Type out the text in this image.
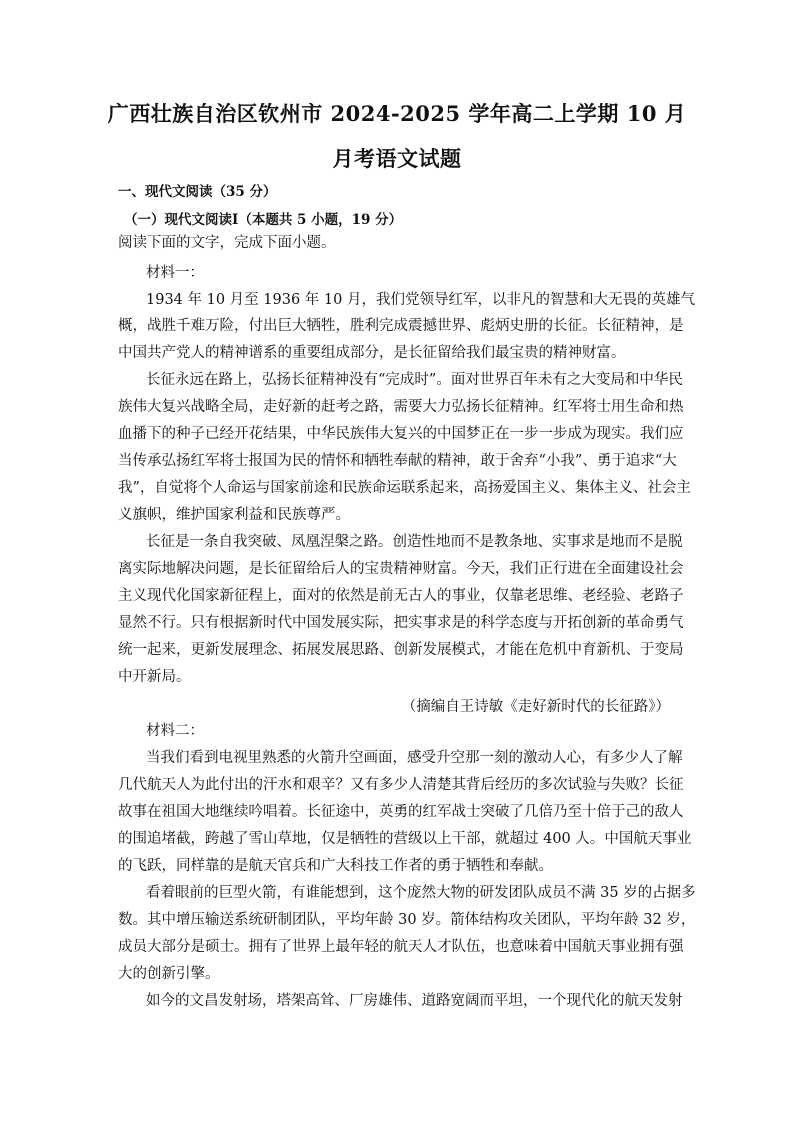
广西壮族自治区钦州市 2024-2025 学年高二上学期 10 月
月考语文试题
一、现代文阅读（35 分）
（一）现代文阅读Ⅰ（本题共 5 小题，19 分）
阅读下面的文字，完成下面小题。
材料一：
1934 年 10 月至 1936 年 10 月，我们党领导红军，以非凡的智慧和大无畏的英雄气
概，战胜千难万险，付出巨大牺牲，胜利完成震撼世界、彪炳史册的长征。长征精神，是
中国共产党人的精神谱系的重要组成部分，是长征留给我们最宝贵的精神财富。
长征永远在路上，弘扬长征精神没有“完成时”。面对世界百年未有之大变局和中华民
族伟大复兴战略全局，走好新的赶考之路，需要大力弘扬长征精神。红军将士用生命和热
血播下的种子已经开花结果，中华民族伟大复兴的中国梦正在一步一步成为现实。我们应
当传承弘扬红军将士报国为民的情怀和牺牲奉献的精神，敢于舍弃“小我”、勇于追求“大
我”，自觉将个人命运与国家前途和民族命运联系起来，高扬爱国主义、集体主义、社会主
义旗帜，维护国家利益和民族尊严。
长征是一条自我突破、凤凰涅槃之路。创造性地而不是教条地、实事求是地而不是脱
离实际地解决问题，是长征留给后人的宝贵精神财富。今天，我们正行进在全面建设社会
主义现代化国家新征程上，面对的依然是前无古人的事业，仅靠老思维、老经验、老路子
显然不行。只有根据新时代中国发展实际，把实事求是的科学态度与开拓创新的革命勇气
统一起来，更新发展理念、拓展发展思路、创新发展模式，才能在危机中育新机、于变局
中开新局。
（摘编自王诗敏《走好新时代的长征路》）
材料二：
当我们看到电视里熟悉的火箭升空画面，感受升空那一刻的激动人心，有多少人了解
几代航天人为此付出的汗水和艰辛？又有多少人清楚其背后经历的多次试验与失败？长征
故事在祖国大地继续吟唱着。长征途中，英勇的红军战士突破了几倍乃至十倍于己的敌人
的围追堵截，跨越了雪山草地，仅是牺牲的营级以上干部，就超过 400 人。中国航天事业
的飞跃，同样靠的是航天官兵和广大科技工作者的勇于牺牲和奉献。
看着眼前的巨型火箭，有谁能想到，这个庞然大物的研发团队成员不满 35 岁的占据多
数。其中增压输送系统研制团队，平均年龄 30 岁。箭体结构攻关团队，平均年龄 32 岁，
成员大部分是硕士。拥有了世界上最年轻的航天人才队伍，也意味着中国航天事业拥有强
大的创新引擎。
如今的文昌发射场，塔架高耸、厂房雄伟、道路宽阔而平坦，一个现代化的航天发射
